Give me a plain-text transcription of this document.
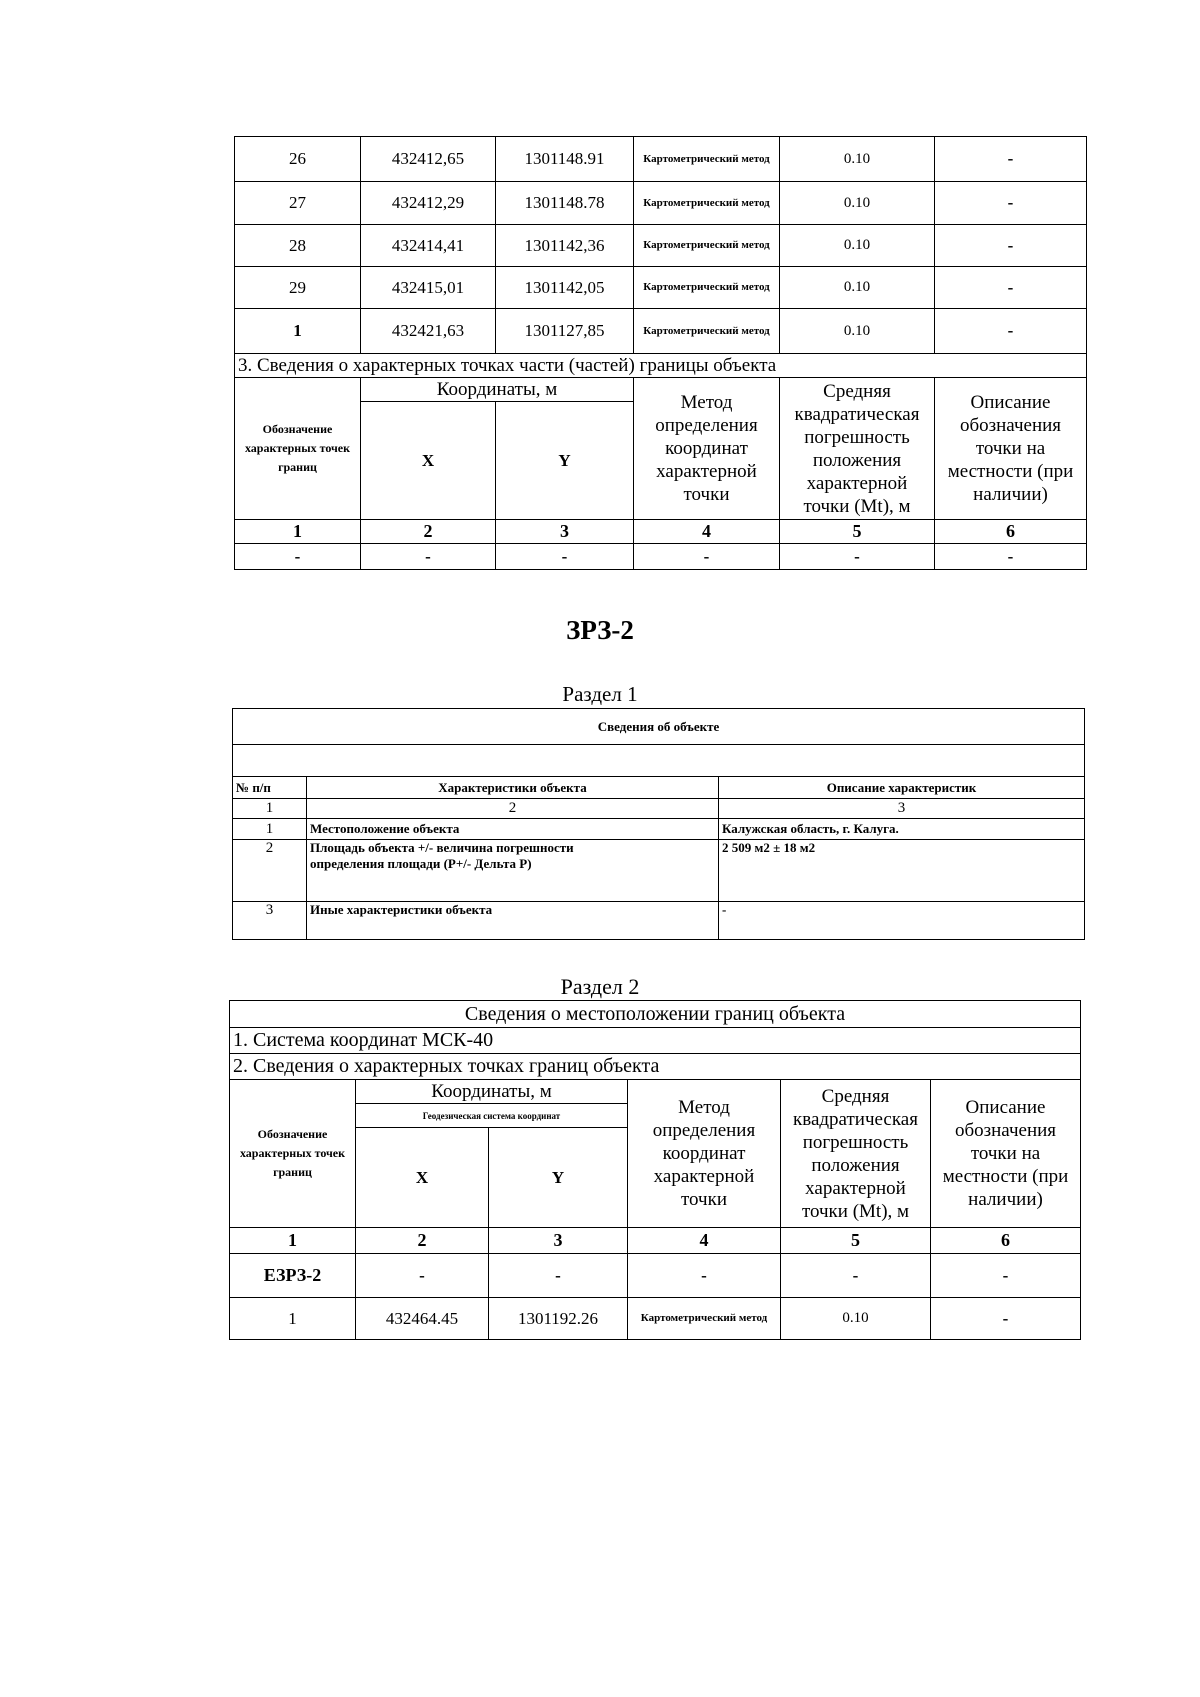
26	432412,65	1301148.91	Картометрический метод	0.10	-
27	432412,29	1301148.78	Картометрический метод	0.10	-
28	432414,41	1301142,36	Картометрический метод	0.10	-
29	432415,01	1301142,05	Картометрический метод	0.10	-
1	432421,63	1301127,85	Картометрический метод	0.10	-
3. Сведения о характерных точках части (частей) границы объекта					
Обозначение характерных точек границ	Координаты, м		Метод определения координат характерной точки	Средняя квадратическая погрешность положения характерной точки (Mt), м	Описание обозначения точки на местности (при наличии)
	X	Y			
1	2	3	4	5	6
-	-	-	-	-	-
ЗРЗ-2
Раздел 1
Сведения об объекте		

№ п/п	Характеристики объекта	Описание характеристик
1	2	3
1	Местоположение объекта	Калужская область, г. Калуга.
2	Площадь объекта +/- величина погрешности определения площади (P+/- Дельта P)	2 509 м2 ± 18 м2
3	Иные характеристики объекта	-
Раздел 2
Сведения о местоположении границ объекта					
1. Система координат МСК-40					
2. Сведения о характерных точках границ объекта					
Обозначение характерных точек границ	Координаты, м		Метод определения координат характерной точки	Средняя квадратическая погрешность положения характерной точки (Mt), м	Описание обозначения точки на местности (при наличии)
	Геодезическая система координат				
	X	Y			
1	2	3	4	5	6
ЕЗРЗ-2	-	-	-	-	-
1	432464.45	1301192.26	Картометрический метод	0.10	-
